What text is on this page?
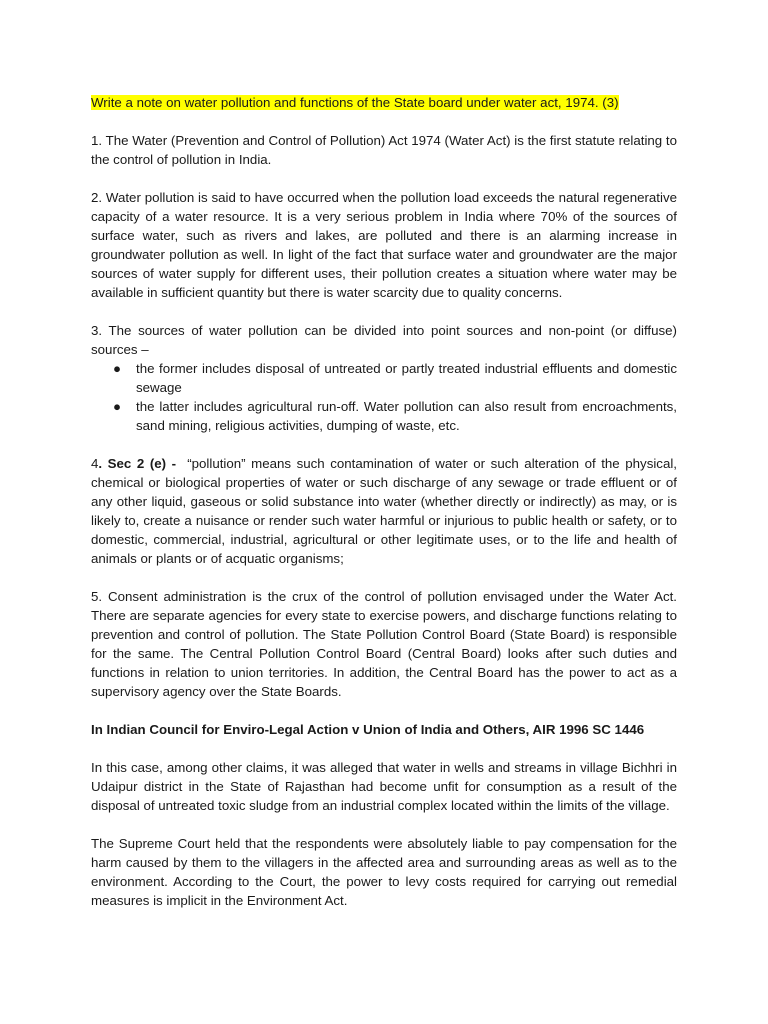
Write a note on water pollution and functions of the State board under water act, 1974. (3)

1. The Water (Prevention and Control of Pollution) Act 1974 (Water Act) is the first statute relating to the control of pollution in India.

2. Water pollution is said to have occurred when the pollution load exceeds the natural regenerative capacity of a water resource. It is a very serious problem in India where 70% of the sources of surface water, such as rivers and lakes, are polluted and there is an alarming increase in groundwater pollution as well. In light of the fact that surface water and groundwater are the major sources of water supply for different uses, their pollution creates a situation where water may be available in sufficient quantity but there is water scarcity due to quality concerns.

3. The sources of water pollution can be divided into point sources and non-point (or diffuse) sources –

● the former includes disposal of untreated or partly treated industrial effluents and domestic sewage
● the latter includes agricultural run-off. Water pollution can also result from encroachments, sand mining, religious activities, dumping of waste, etc.

4. Sec 2 (e) - “pollution” means such contamination of water or such alteration of the physical, chemical or biological properties of water or such discharge of any sewage or trade effluent or of any other liquid, gaseous or solid substance into water (whether directly or indirectly) as may, or is likely to, create a nuisance or render such water harmful or injurious to public health or safety, or to domestic, commercial, industrial, agricultural or other legitimate uses, or to the life and health of animals or plants or of acquatic organisms;

5. Consent administration is the crux of the control of pollution envisaged under the Water Act. There are separate agencies for every state to exercise powers, and discharge functions relating to prevention and control of pollution. The State Pollution Control Board (State Board) is responsible for the same. The Central Pollution Control Board (Central Board) looks after such duties and functions in relation to union territories. In addition, the Central Board has the power to act as a supervisory agency over the State Boards.

In Indian Council for Enviro-Legal Action v Union of India and Others, AIR 1996 SC 1446

In this case, among other claims, it was alleged that water in wells and streams in village Bichhri in Udaipur district in the State of Rajasthan had become unfit for consumption as a result of the disposal of untreated toxic sludge from an industrial complex located within the limits of the village.

The Supreme Court held that the respondents were absolutely liable to pay compensation for the harm caused by them to the villagers in the affected area and surrounding areas as well as to the environment. According to the Court, the power to levy costs required for carrying out remedial measures is implicit in the Environment Act.
